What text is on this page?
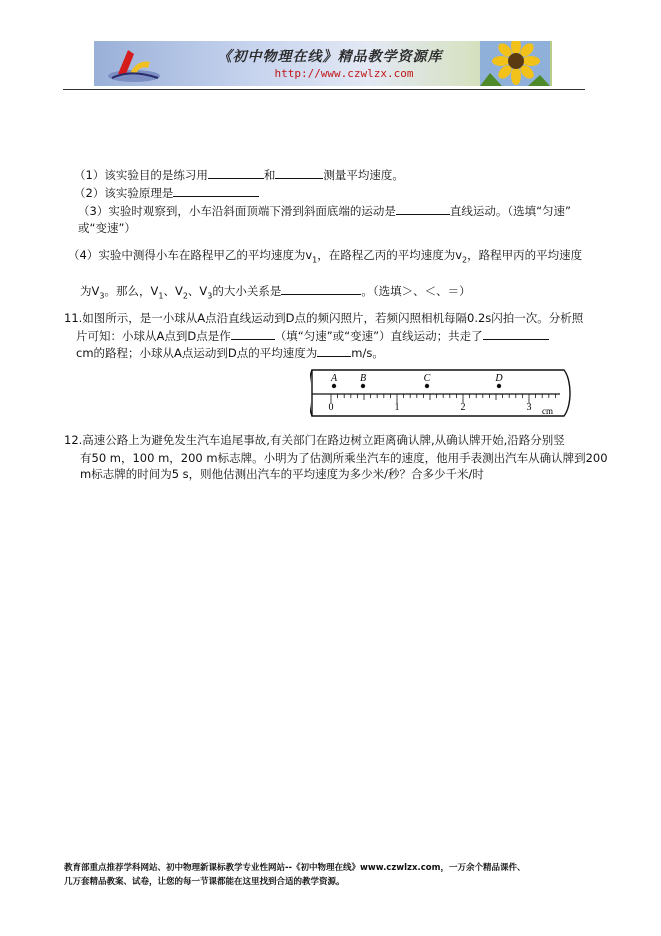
《初中物理在线》精品教学资源库
http://www.czwlzx.com
（1）该实验目的是练习用	和	测量平均速度。
（2）该实验原理是
（3）实验时观察到，小车沿斜面顶端下滑到斜面底端的运动是	直线运动。（选填“匀速”
或“变速”）
（4）实验中测得小车在路程甲乙的平均速度为$v_1$，在路程乙丙的平均速度为$v_2$，路程甲丙的平均速度
为$V_3$。那么，$V_1$、$V_2$、$V_3$的大小关系是	。（选填＞、＜、＝）
11.如图所示，是一小球从A点沿直线运动到D点的频闪照片，若频闪照相机每隔0.2s闪拍一次。分析照
片可知：小球从A点到D点是作	（填“匀速”或“变速”）直线运动；共走了
cm的路程；小球从A点运动到D点的平均速度为	m/s。
0	1	2	3 cm
A B	C	D
12.高速公路上为避免发生汽车追尾事故,有关部门在路边树立距离确认牌,从确认牌开始,沿路分别竖
有50 m，100 m，200 m标志牌。小明为了估测所乘坐汽车的速度，他用手表测出汽车从确认牌到200
m标志牌的时间为5 s，则他估测出汽车的平均速度为多少米/秒？合多少千米/时
教育部重点推荐学科网站、初中物理新课标教学专业性网站--《初中物理在线》www.czwlzx.com，一万余个精品课件、
几万套精品教案、试卷，让您的每一节课都能在这里找到合适的教学资源。
